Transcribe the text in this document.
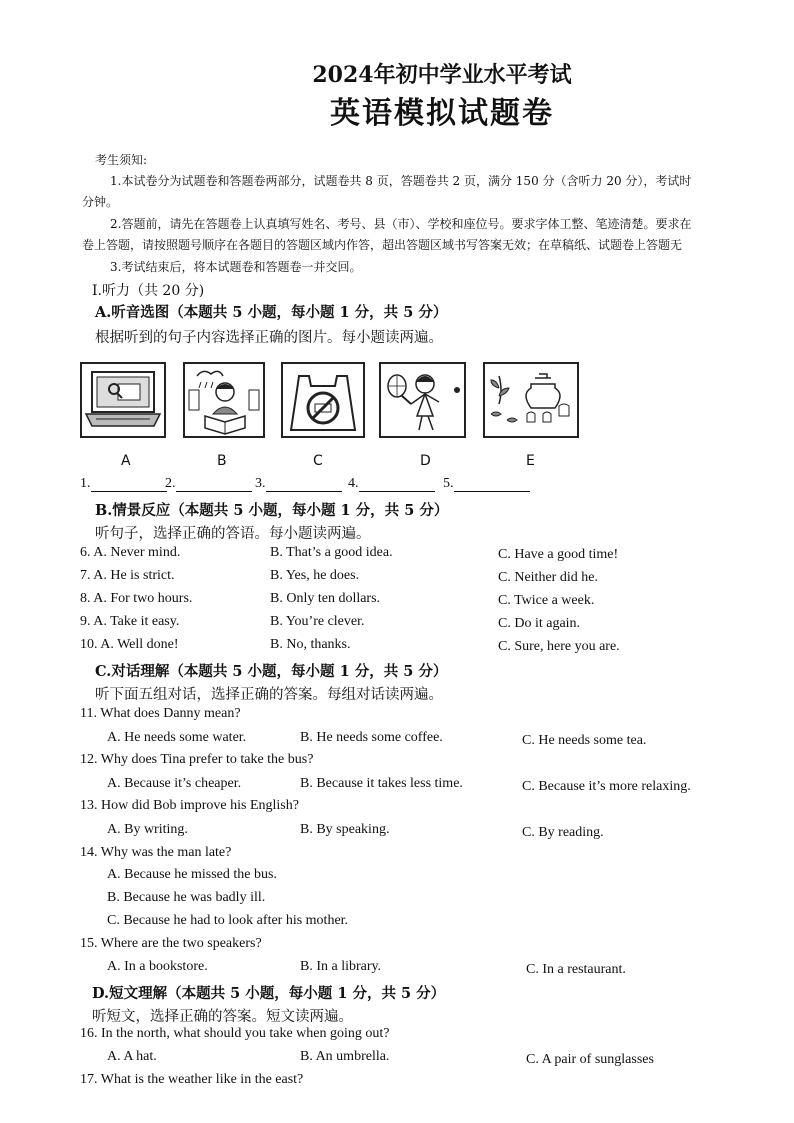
2024年初中学业水平考试
英语模拟试题卷
考生须知:
1.本试卷分为试题卷和答题卷两部分，试题卷共 8 页，答题卷共 2 页，满分 150 分（含听力 20 分），考试时
分钟。
2.答题前，请先在答题卷上认真填写姓名、考号、县（市）、学校和座位号。要求字体工整、笔迹清楚。要求在
卷上答题，请按照题号顺序在各题目的答题区域内作答，超出答题区域书写答案无效；在草稿纸、试题卷上答题无
3.考试结束后，将本试题卷和答题卷一并交回。
Ⅰ.听力（共 20 分)
A.听音选图（本题共 5 小题，每小题 1 分，共 5 分）
根据听到的句子内容选择正确的图片。每小题读两遍。
A	B	C	D	E
1.	2.	3.	4.	5.
B.情景反应（本题共 5 小题，每小题 1 分，共 5 分）
听句子，选择正确的答语。每小题读两遍。
6. A. Never mind.	B. That’s a good idea.	C. Have a good time!
7. A. He is strict.	B. Yes, he does.	C. Neither did he.
8. A. For two hours.	B. Only ten dollars.	C. Twice a week.
9. A. Take it easy.	B. You’re clever.	C. Do it again.
10. A. Well done!	B. No, thanks.	C. Sure, here you are.
C.对话理解（本题共 5 小题，每小题 1 分，共 5 分）
听下面五组对话，选择正确的答案。每组对话读两遍。
11. What does Danny mean?
A. He needs some water.	B. He needs some coffee.	C. He needs some tea.
12. Why does Tina prefer to take the bus?
A. Because it’s cheaper.	B. Because it takes less time.	C. Because it’s more relaxing.
13. How did Bob improve his English?
A. By writing.	B. By speaking.	C. By reading.
14. Why was the man late?
A. Because he missed the bus.
B. Because he was badly ill.
C. Because he had to look after his mother.
15. Where are the two speakers?
A. In a bookstore.	B. In a library.	C. In a restaurant.
D.短文理解（本题共 5 小题，每小题 1 分，共 5 分）
听短文，选择正确的答案。短文读两遍。
16. In the north, what should you take when going out?
A. A hat.	B. An umbrella.	C. A pair of sunglasses
17. What is the weather like in the east?
